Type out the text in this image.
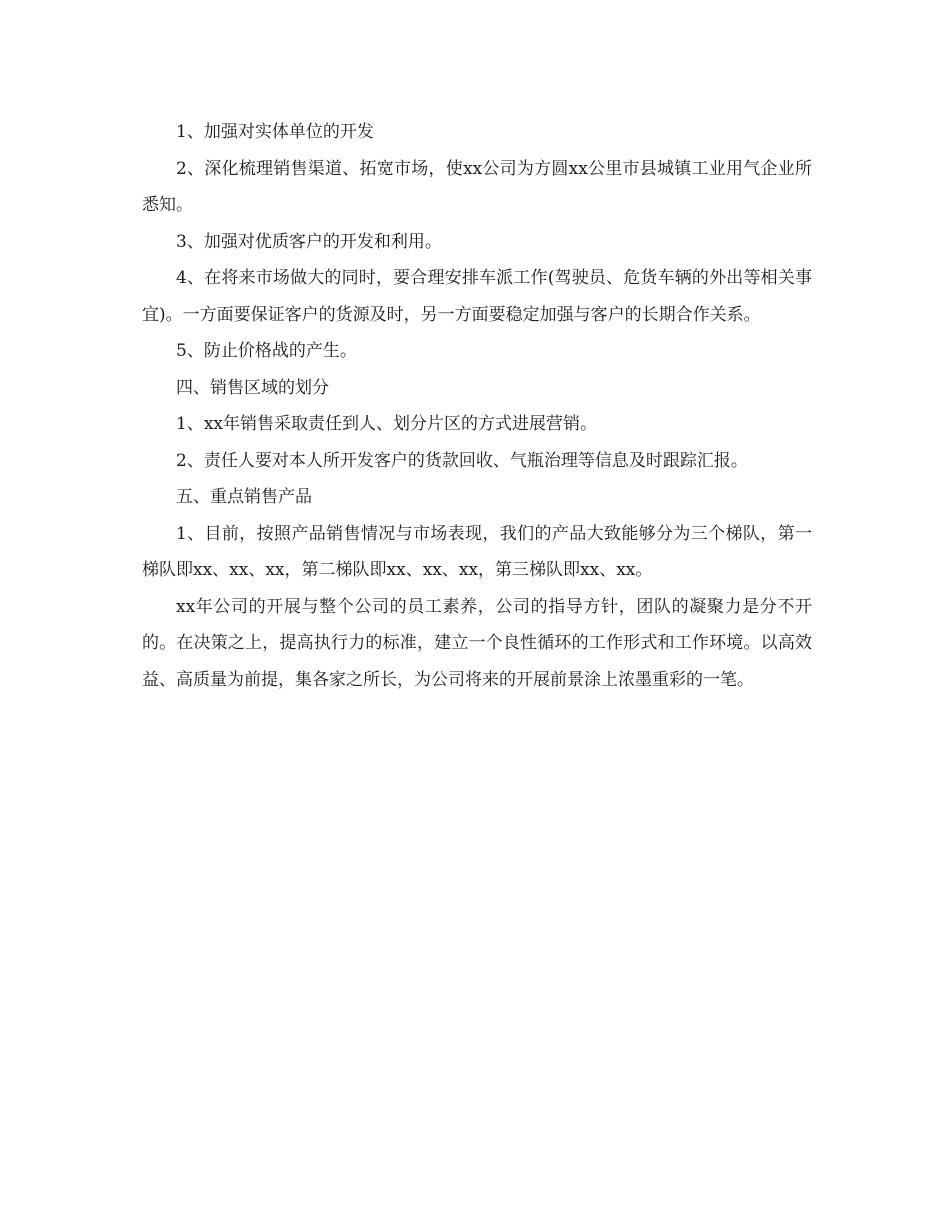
1、加强对实体单位的开发

2、深化梳理销售渠道、拓宽市场，使xx公司为方圆xx公里市县城镇工业用气企业所悉知。

3、加强对优质客户的开发和利用。

4、在将来市场做大的同时，要合理安排车派工作(驾驶员、危货车辆的外出等相关事宜)。一方面要保证客户的货源及时，另一方面要稳定加强与客户的长期合作关系。

5、防止价格战的产生。

四、销售区域的划分

1、xx年销售采取责任到人、划分片区的方式进展营销。

2、责任人要对本人所开发客户的货款回收、气瓶治理等信息及时跟踪汇报。

五、重点销售产品

1、目前，按照产品销售情况与市场表现，我们的产品大致能够分为三个梯队，第一梯队即xx、xx、xx，第二梯队即xx、xx、xx，第三梯队即xx、xx。

xx年公司的开展与整个公司的员工素养，公司的指导方针，团队的凝聚力是分不开的。在决策之上，提高执行力的标准，建立一个良性循环的工作形式和工作环境。以高效益、高质量为前提，集各家之所长，为公司将来的开展前景涂上浓墨重彩的一笔。
